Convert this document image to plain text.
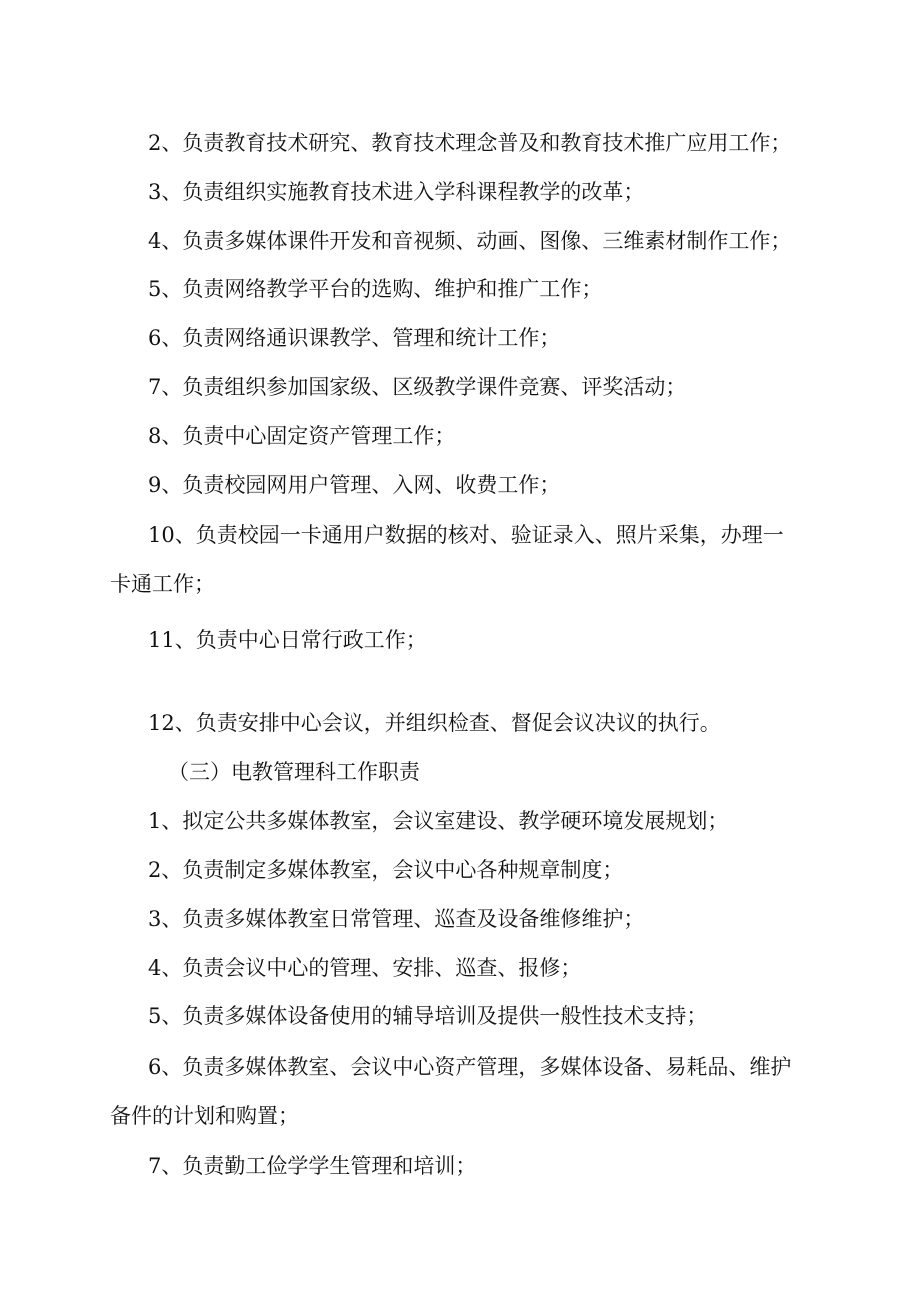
2、负责教育技术研究、教育技术理念普及和教育技术推广应用工作；
3、负责组织实施教育技术进入学科课程教学的改革；
4、负责多媒体课件开发和音视频、动画、图像、三维素材制作工作；
5、负责网络教学平台的选购、维护和推广工作；
6、负责网络通识课教学、管理和统计工作；
7、负责组织参加国家级、区级教学课件竞赛、评奖活动；
8、负责中心固定资产管理工作；
9、负责校园网用户管理、入网、收费工作；
10、负责校园一卡通用户数据的核对、验证录入、照片采集，办理一
卡通工作；
11、负责中心日常行政工作；
12、负责安排中心会议，并组织检查、督促会议决议的执行。
（三）电教管理科工作职责
1、拟定公共多媒体教室，会议室建设、教学硬环境发展规划；
2、负责制定多媒体教室，会议中心各种规章制度；
3、负责多媒体教室日常管理、巡查及设备维修维护；
4、负责会议中心的管理、安排、巡查、报修；
5、负责多媒体设备使用的辅导培训及提供一般性技术支持；
6、负责多媒体教室、会议中心资产管理，多媒体设备、易耗品、维护
备件的计划和购置；
7、负责勤工俭学学生管理和培训；
